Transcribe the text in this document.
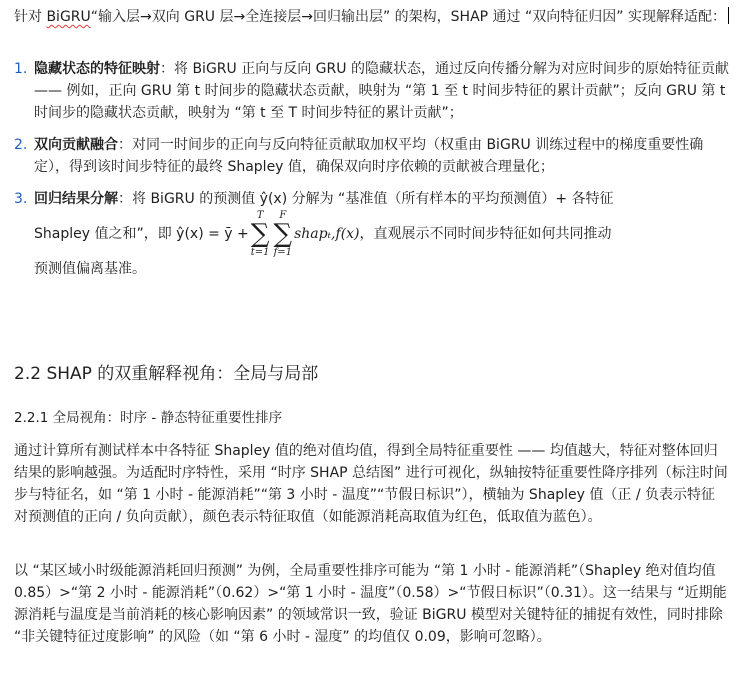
针对 BiGRU“输入层→双向 GRU 层→全连接层→回归输出层” 的架构，SHAP 通过 “双向特征归因” 实现解释适配：

1. 隐藏状态的特征映射：将 BiGRU 正向与反向 GRU 的隐藏状态，通过反向传播分解为对应时间步的原始特征贡献 —— 例如，正向 GRU 第 t 时间步的隐藏状态贡献，映射为 “第 1 至 t 时间步特征的累计贡献”；反向 GRU 第 t 时间步的隐藏状态贡献，映射为 “第 t 至 T 时间步特征的累计贡献”；
2. 双向贡献融合：对同一时间步的正向与反向特征贡献取加权平均（权重由 BiGRU 训练过程中的梯度重要性确定），得到该时间步特征的最终 Shapley 值，确保双向时序依赖的贡献被合理量化；
3. 回归结果分解：将 BiGRU 的预测值 ŷ(x) 分解为 “基准值（所有样本的平均预测值）+ 各特征
Shapley 值之和”，即 ŷ(x) = ȳ +
T
∑
t=1
F
∑
f=1
shapₜ,f(x) ，直观展示不同时间步特征如何共同推动
预测值偏离基准。
2.2 SHAP 的双重解释视角：全局与局部
2.2.1 全局视角：时序 - 静态特征重要性排序

通过计算所有测试样本中各特征 Shapley 值的绝对值均值，得到全局特征重要性 —— 均值越大，特征对整体回归结果的影响越强。为适配时序特性，采用 “时序 SHAP 总结图” 进行可视化，纵轴按特征重要性降序排列（标注时间步与特征名，如 “第 1 小时 - 能源消耗”“第 3 小时 - 温度”“节假日标识”），横轴为 Shapley 值（正 / 负表示特征对预测值的正向 / 负向贡献），颜色表示特征取值（如能源消耗高取值为红色，低取值为蓝色）。

以 “某区域小时级能源消耗回归预测” 为例，全局重要性排序可能为 “第 1 小时 - 能源消耗”（Shapley 绝对值均值 0.85）>“第 2 小时 - 能源消耗”（0.62）>“第 1 小时 - 温度”（0.58）>“节假日标识”（0.31）。这一结果与 “近期能源消耗与温度是当前消耗的核心影响因素” 的领域常识一致，验证 BiGRU 模型对关键特征的捕捉有效性，同时排除 “非关键特征过度影响” 的风险（如 “第 6 小时 - 湿度” 的均值仅 0.09，影响可忽略）。
